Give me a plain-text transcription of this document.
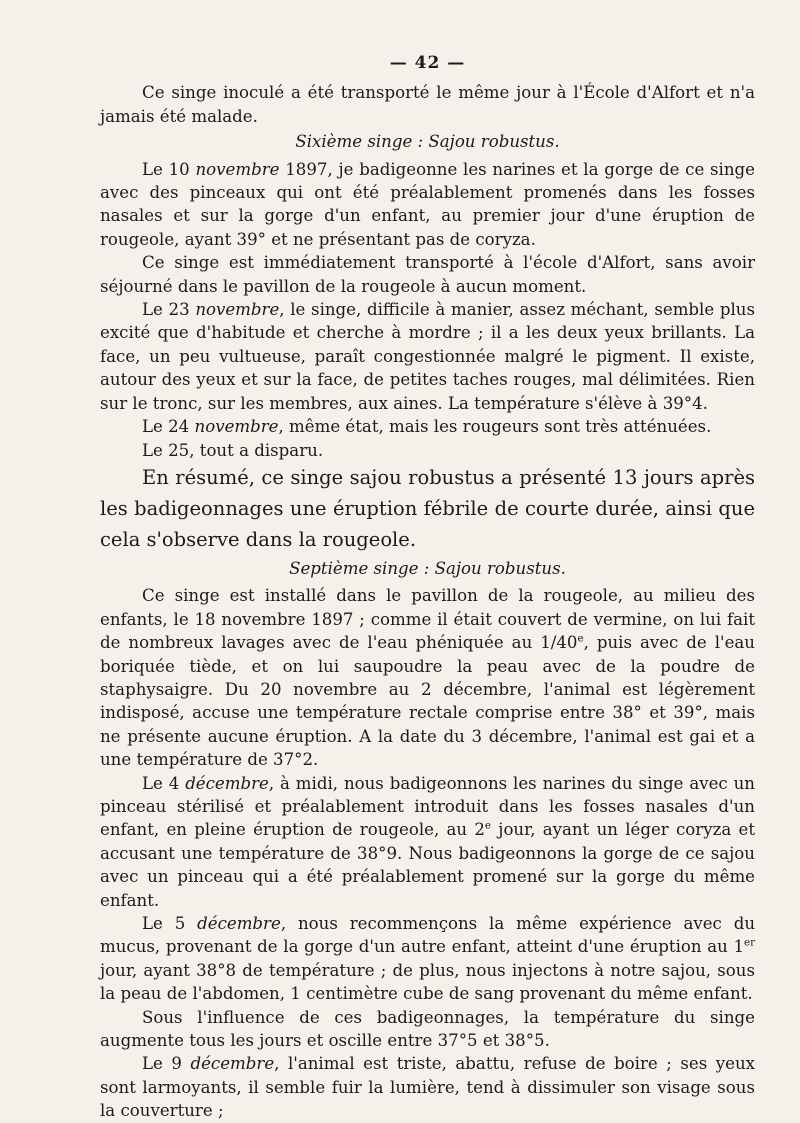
— 42 —

Ce singe inoculé a été transporté le même jour à l'École d'Alfort et n'a jamais été malade.

Sixième singe : Sajou robustus.

Le 10 novembre 1897, je badigeonne les narines et la gorge de ce singe avec des pinceaux qui ont été préalablement promenés dans les fosses nasales et sur la gorge d'un enfant, au premier jour d'une éruption de rougeole, ayant 39° et ne présentant pas de coryza.

Ce singe est immédiatement transporté à l'école d'Alfort, sans avoir séjourné dans le pavillon de la rougeole à aucun moment.

Le 23 novembre, le singe, difficile à manier, assez méchant, semble plus excité que d'habitude et cherche à mordre ; il a les deux yeux brillants. La face, un peu vultueuse, paraît congestionnée malgré le pigment. Il existe, autour des yeux et sur la face, de petites taches rouges, mal délimitées. Rien sur le tronc, sur les membres, aux aines. La température s'élève à 39°4.

Le 24 novembre, même état, mais les rougeurs sont très atténuées.

Le 25, tout a disparu.

En résumé, ce singe sajou robustus a présenté 13 jours après les badigeonnages une éruption fébrile de courte durée, ainsi que cela s'observe dans la rougeole.

Septième singe : Sajou robustus.

Ce singe est installé dans le pavillon de la rougeole, au milieu des enfants, le 18 novembre 1897 ; comme il était couvert de vermine, on lui fait de nombreux lavages avec de l'eau phéniquée au 1/40e, puis avec de l'eau boriquée tiède, et on lui saupoudre la peau avec de la poudre de staphysaigre. Du 20 novembre au 2 décembre, l'animal est légèrement indisposé, accuse une température rectale comprise entre 38° et 39°, mais ne présente aucune éruption. A la date du 3 décembre, l'animal est gai et a une température de 37°2.

Le 4 décembre, à midi, nous badigeonnons les narines du singe avec un pinceau stérilisé et préalablement introduit dans les fosses nasales d'un enfant, en pleine éruption de rougeole, au 2e jour, ayant un léger coryza et accusant une température de 38°9. Nous badigeonnons la gorge de ce sajou avec un pinceau qui a été préalablement promené sur la gorge du même enfant.

Le 5 décembre, nous recommençons la même expérience avec du mucus, provenant de la gorge d'un autre enfant, atteint d'une éruption au 1er jour, ayant 38°8 de température ; de plus, nous injectons à notre sajou, sous la peau de l'abdomen, 1 centimètre cube de sang provenant du même enfant.

Sous l'influence de ces badigeonnages, la température du singe augmente tous les jours et oscille entre 37°5 et 38°5.

Le 9 décembre, l'animal est triste, abattu, refuse de boire ; ses yeux sont larmoyants, il semble fuir la lumière, tend à dissimuler son visage sous la couverture ;
